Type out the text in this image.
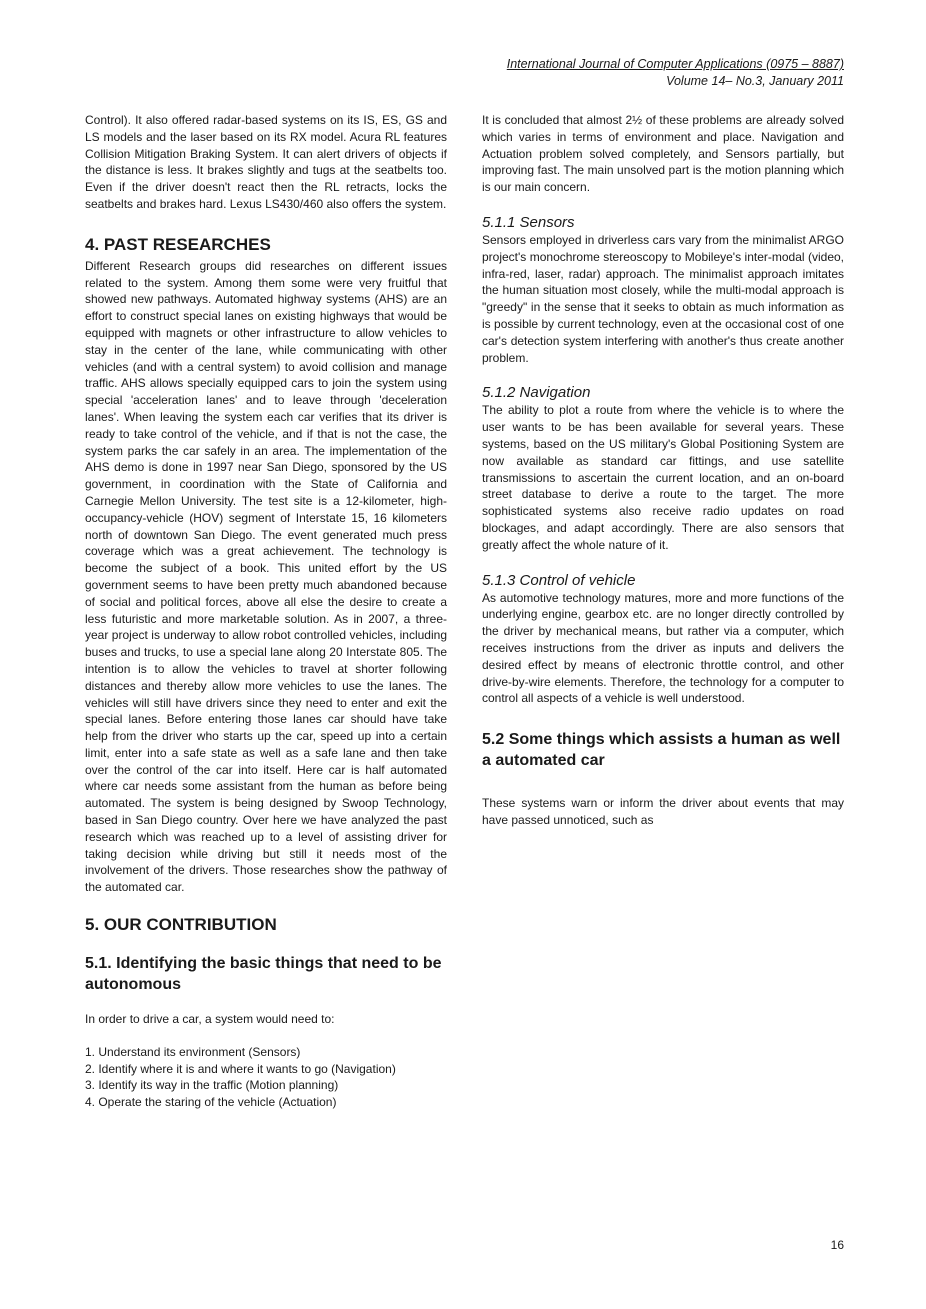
International Journal of Computer Applications (0975 – 8887)
Volume 14– No.3, January 2011

Control). It also offered radar-based systems on its IS, ES, GS and LS models and the laser based on its RX model. Acura RL features Collision Mitigation Braking System. It can alert drivers of objects if the distance is less. It brakes slightly and tugs at the seatbelts too. Even if the driver doesn't react then the RL retracts, locks the seatbelts and brakes hard. Lexus LS430/460 also offers the system.

4. PAST RESEARCHES

Different Research groups did researches on different issues related to the system. Among them some were very fruitful that showed new pathways. Automated highway systems (AHS) are an effort to construct special lanes on existing highways that would be equipped with magnets or other infrastructure to allow vehicles to stay in the center of the lane, while communicating with other vehicles (and with a central system) to avoid collision and manage traffic. AHS allows specially equipped cars to join the system using special 'acceleration lanes' and to leave through 'deceleration lanes'. When leaving the system each car verifies that its driver is ready to take control of the vehicle, and if that is not the case, the system parks the car safely in an area. The implementation of the AHS demo is done in 1997 near San Diego, sponsored by the US government, in coordination with the State of California and Carnegie Mellon University. The test site is a 12-kilometer, high-occupancy-vehicle (HOV) segment of Interstate 15, 16 kilometers north of downtown San Diego. The event generated much press coverage which was a great achievement. The technology is become the subject of a book. This united effort by the US government seems to have been pretty much abandoned because of social and political forces, above all else the desire to create a less futuristic and more marketable solution. As in 2007, a three-year project is underway to allow robot controlled vehicles, including buses and trucks, to use a special lane along 20 Interstate 805. The intention is to allow the vehicles to travel at shorter following distances and thereby allow more vehicles to use the lanes. The vehicles will still have drivers since they need to enter and exit the special lanes. Before entering those lanes car should have take help from the driver who starts up the car, speed up into a certain limit, enter into a safe state as well as a safe lane and then take over the control of the car into itself. Here car is half automated where car needs some assistant from the human as before being automated. The system is being designed by Swoop Technology, based in San Diego country. Over here we have analyzed the past research which was reached up to a level of assisting driver for taking decision while driving but still it needs most of the involvement of the drivers. Those researches show the pathway of the automated car.

5. OUR CONTRIBUTION
5.1. Identifying the basic things that need to be autonomous

In order to drive a car, a system would need to:

1. Understand its environment (Sensors)
2. Identify where it is and where it wants to go (Navigation)
3. Identify its way in the traffic (Motion planning)
4. Operate the staring of the vehicle (Actuation)

It is concluded that almost 2½ of these problems are already solved which varies in terms of environment and place. Navigation and Actuation problem solved completely, and Sensors partially, but improving fast. The main unsolved part is the motion planning which is our main concern.

5.1.1 Sensors

Sensors employed in driverless cars vary from the minimalist ARGO project's monochrome stereoscopy to Mobileye's inter-modal (video, infra-red, laser, radar) approach. The minimalist approach imitates the human situation most closely, while the multi-modal approach is "greedy" in the sense that it seeks to obtain as much information as is possible by current technology, even at the occasional cost of one car's detection system interfering with another's thus create another problem.

5.1.2 Navigation

The ability to plot a route from where the vehicle is to where the user wants to be has been available for several years. These systems, based on the US military's Global Positioning System are now available as standard car fittings, and use satellite transmissions to ascertain the current location, and an on-board street database to derive a route to the target. The more sophisticated systems also receive radio updates on road blockages, and adapt accordingly. There are also sensors that greatly affect the whole nature of it.

5.1.3 Control of vehicle

As automotive technology matures, more and more functions of the underlying engine, gearbox etc. are no longer directly controlled by the driver by mechanical means, but rather via a computer, which receives instructions from the driver as inputs and delivers the desired effect by means of electronic throttle control, and other drive-by-wire elements. Therefore, the technology for a computer to control all aspects of a vehicle is well understood.

5.2 Some things which assists a human as well a automated car

These systems warn or inform the driver about events that may have passed unnoticed, such as

16
